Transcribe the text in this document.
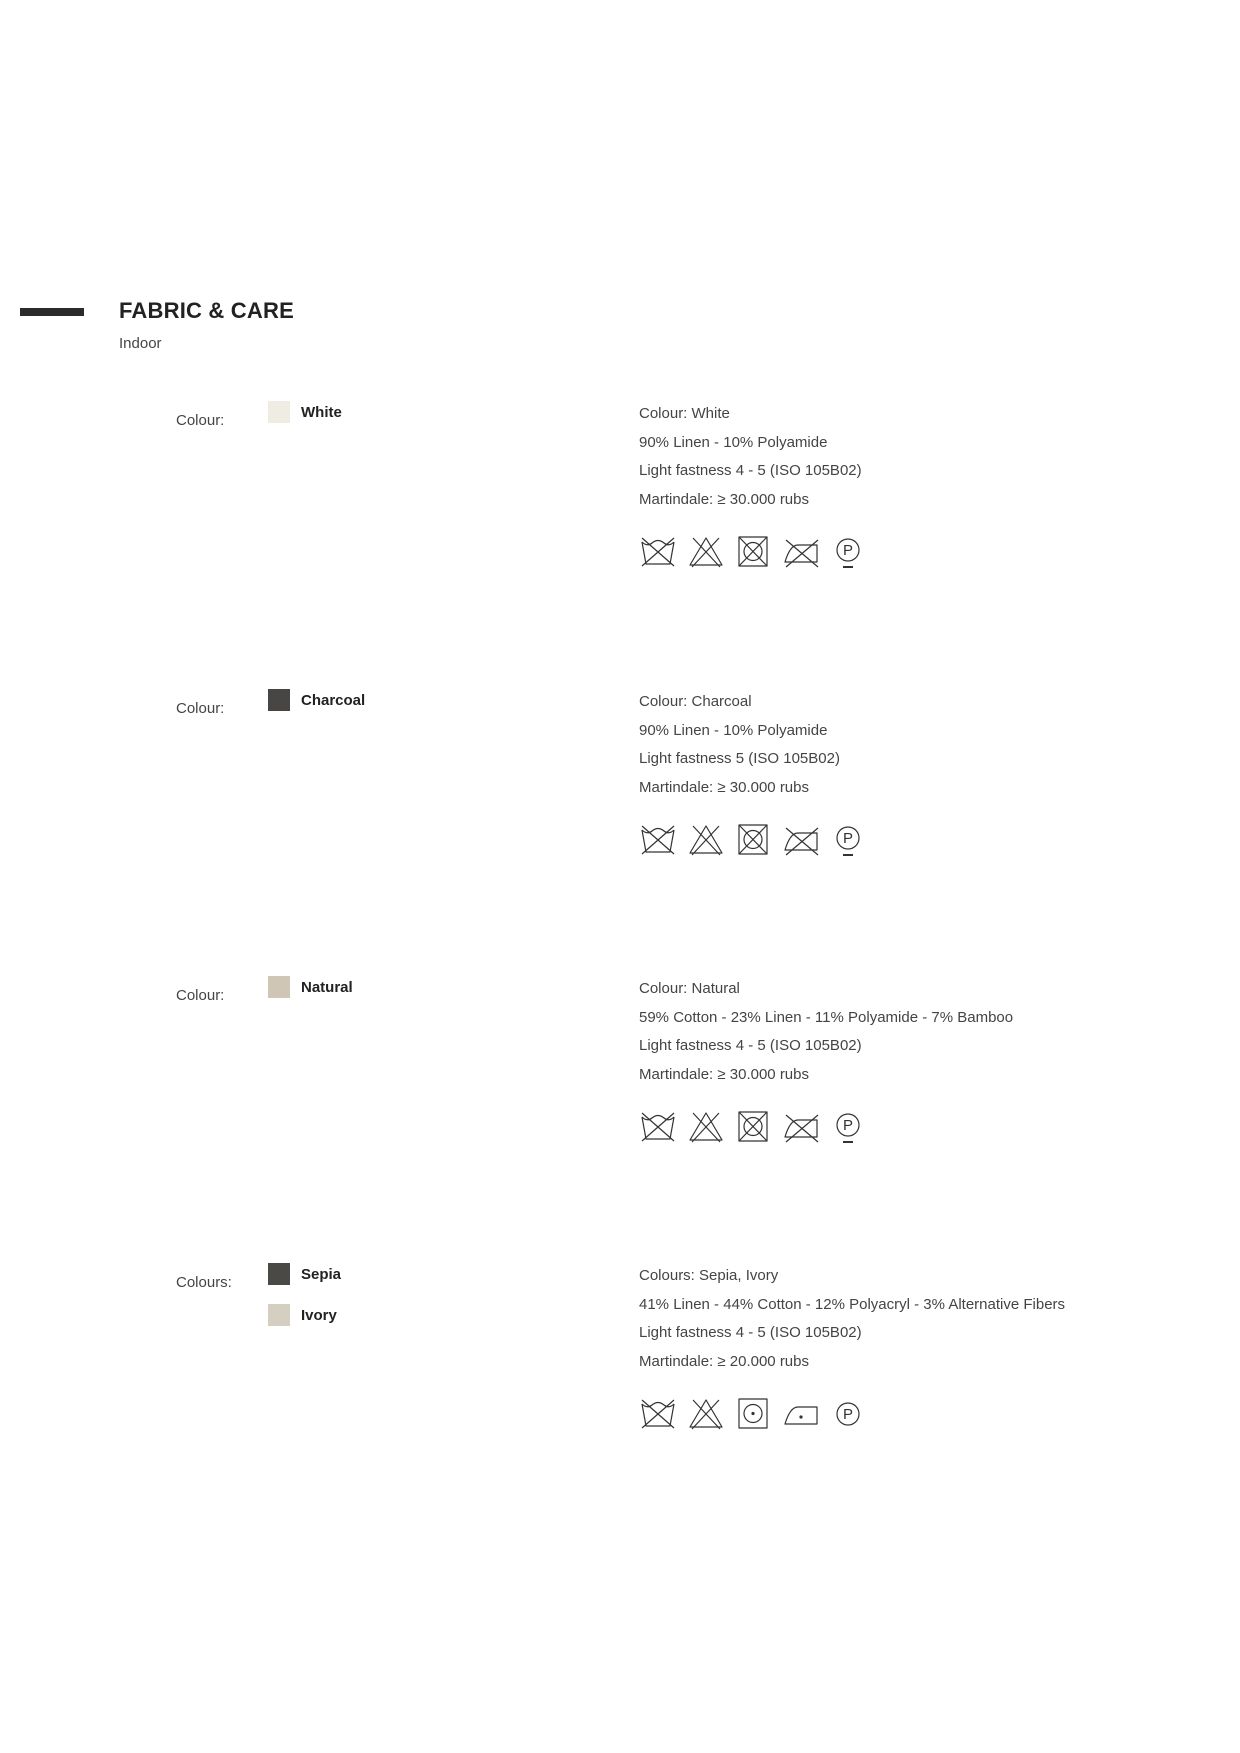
FABRIC & CARE
Indoor
Colour:	White	Colour: White
90% Linen - 10% Polyamide
Light fastness 4 - 5 (ISO 105B02)
Martindale: ≥ 30.000 rubs
P
Colour:	Charcoal	Colour: Charcoal
90% Linen - 10% Polyamide
Light fastness 5 (ISO 105B02)
Martindale: ≥ 30.000 rubs
P
Colour:	Natural	Colour: Natural
59% Cotton - 23% Linen - 11% Polyamide - 7% Bamboo
Light fastness 4 - 5 (ISO 105B02)
Martindale: ≥ 30.000 rubs
P
Colours:	Sepia
Ivory
Colours: Sepia, Ivory
41% Linen - 44% Cotton - 12% Polyacryl - 3% Alternative Fibers
Light fastness 4 - 5 (ISO 105B02)
Martindale: ≥ 20.000 rubs
P
